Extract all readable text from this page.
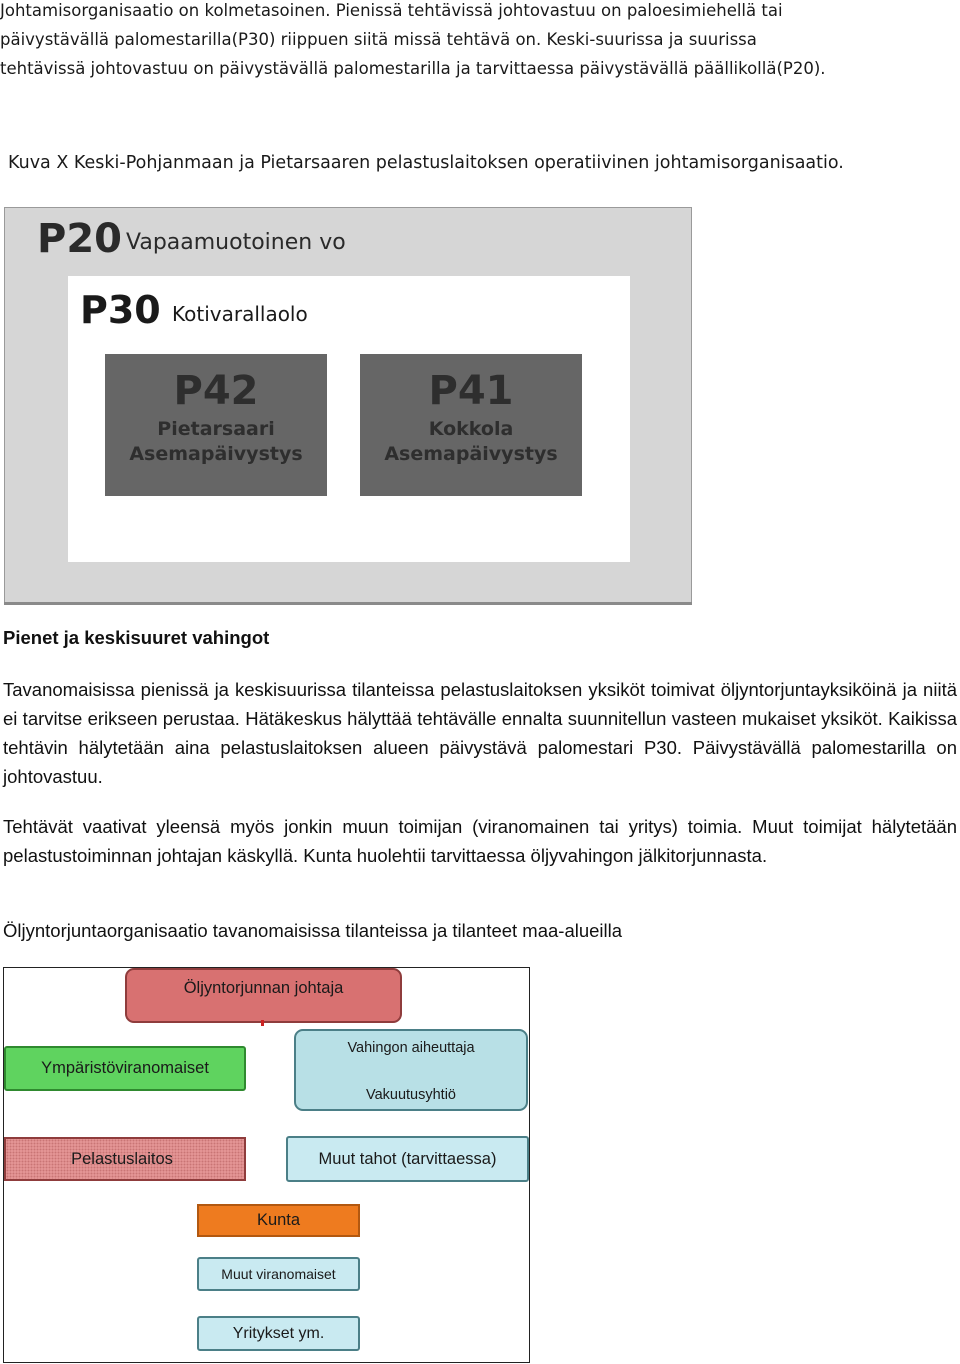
Johtamisorganisaatio on kolmetasoinen. Pienissä tehtävissä johtovastuu on paloesimiehellä tai

päivystävällä palomestarilla(P30) riippuen siitä missä tehtävä on. Keski-suurissa ja suurissa

tehtävissä johtovastuu on päivystävällä palomestarilla ja tarvittaessa päivystävällä päällikollä(P20).

Kuva X Keski-Pohjanmaan ja Pietarsaaren pelastuslaitoksen operatiivinen johtamisorganisaatio.

P20 Vapaamuotoinen vo
P30 Kotivarallaolo
P42
Pietarsaari
Asemapäivystys
P41
Kokkola
Asemapäivystys

Pienet ja keskisuuret vahingot

Tavanomaisissa pienissä ja keskisuurissa tilanteissa pelastuslaitoksen yksiköt toimivat öljyntorjuntayksiköinä ja niitä ei tarvitse erikseen perustaa. Hätäkeskus hälyttää tehtävälle ennalta suunnitellun vasteen mukaiset yksiköt. Kaikissa tehtävin hälytetään aina pelastuslaitoksen alueen päivystävä palomestari P30. Päivystävällä palomestarilla on johtovastuu.

Tehtävät vaativat yleensä myös jonkin muun toimijan (viranomainen tai yritys) toimia. Muut toimijat hälytetään pelastustoiminnan johtajan käskyllä. Kunta huolehtii tarvittaessa öljyvahingon jälkitorjunnasta.

Öljyntorjuntaorganisaatio tavanomaisissa tilanteissa ja tilanteet maa-alueilla

Öljyntorjunnan johtaja
Ympäristöviranomaiset
Vahingon aiheuttaja
Vakuutusyhtiö
Pelastuslaitos	Muut tahot (tarvittaessa)
Kunta
Muut viranomaiset
Yritykset ym.
